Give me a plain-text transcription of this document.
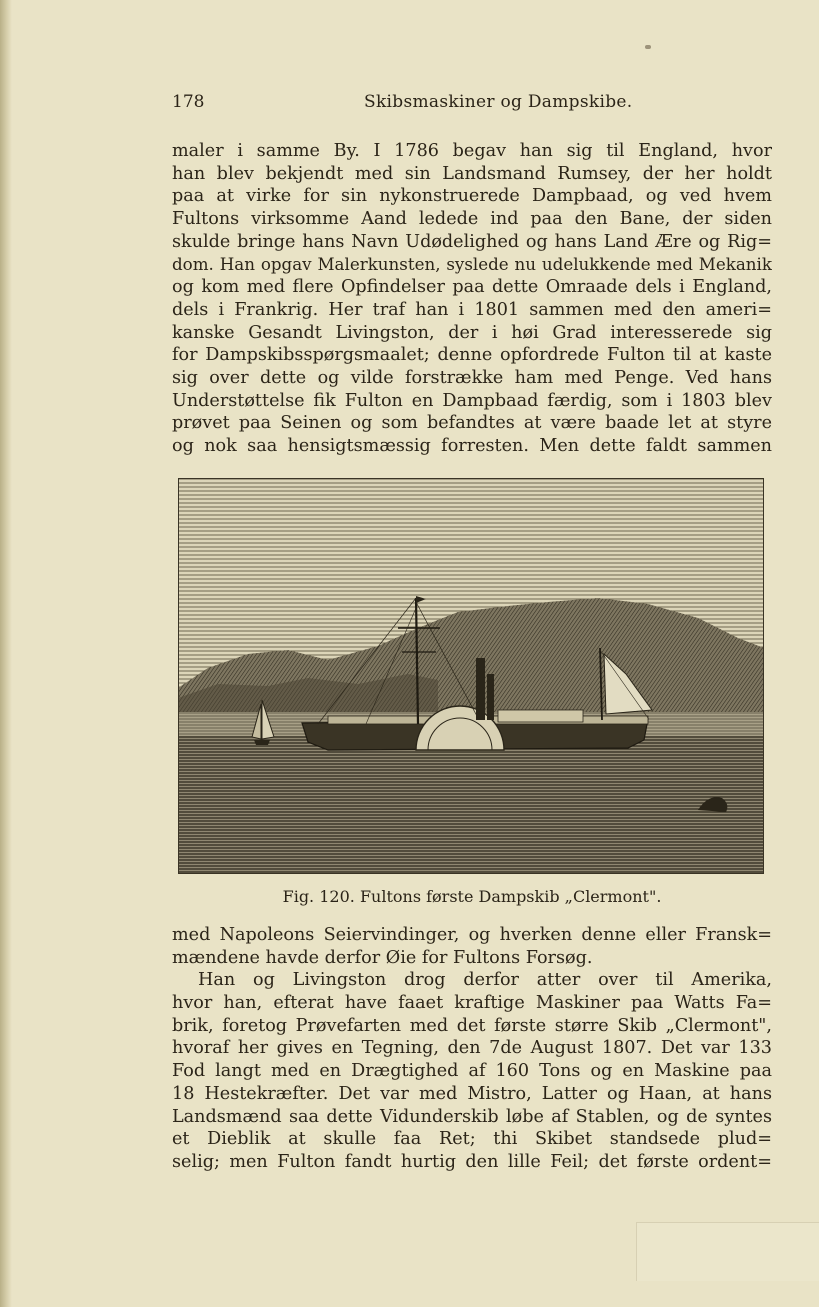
178	Skibsmaskiner og Dampskibe.
maler i samme By. I 1786 begav han sig til England, hvor
han blev bekjendt med sin Landsmand Rumsey, der her holdt
paa at virke for sin nykonstruerede Dampbaad, og ved hvem
Fultons virksomme Aand ledede ind paa den Bane, der siden
skulde bringe hans Navn Udødelighed og hans Land Ære og Rig=
dom. Han opgav Malerkunsten, syslede nu udelukkende med Mekanik
og kom med flere Opfindelser paa dette Omraade dels i England,
dels i Frankrig. Her traf han i 1801 sammen med den ameri=
kanske Gesandt Livingston, der i høi Grad interesserede sig
for Dampskibsspørgsmaalet; denne opfordrede Fulton til at kaste
sig over dette og vilde forstrække ham med Penge. Ved hans
Understøttelse fik Fulton en Dampbaad færdig, som i 1803 blev
prøvet paa Seinen og som befandtes at være baade let at styre
og nok saa hensigtsmæssig forresten. Men dette faldt sammen
Fig. 120. Fultons første Dampskib „Clermont".
med Napoleons Seiervindinger, og hverken denne eller Fransk=
mændene havde derfor Øie for Fultons Forsøg.
Han og Livingston drog derfor atter over til Amerika,
hvor han, efterat have faaet kraftige Maskiner paa Watts Fa=
brik, foretog Prøvefarten med det første større Skib „Clermont",
hvoraf her gives en Tegning, den 7de August 1807. Det var 133
Fod langt med en Drægtighed af 160 Tons og en Maskine paa
18 Hestekræfter. Det var med Mistro, Latter og Haan, at hans
Landsmænd saa dette Vidunderskib løbe af Stablen, og de syntes
et Dieblik at skulle faa Ret; thi Skibet standsede plud=
selig; men Fulton fandt hurtig den lille Feil; det første ordent=
